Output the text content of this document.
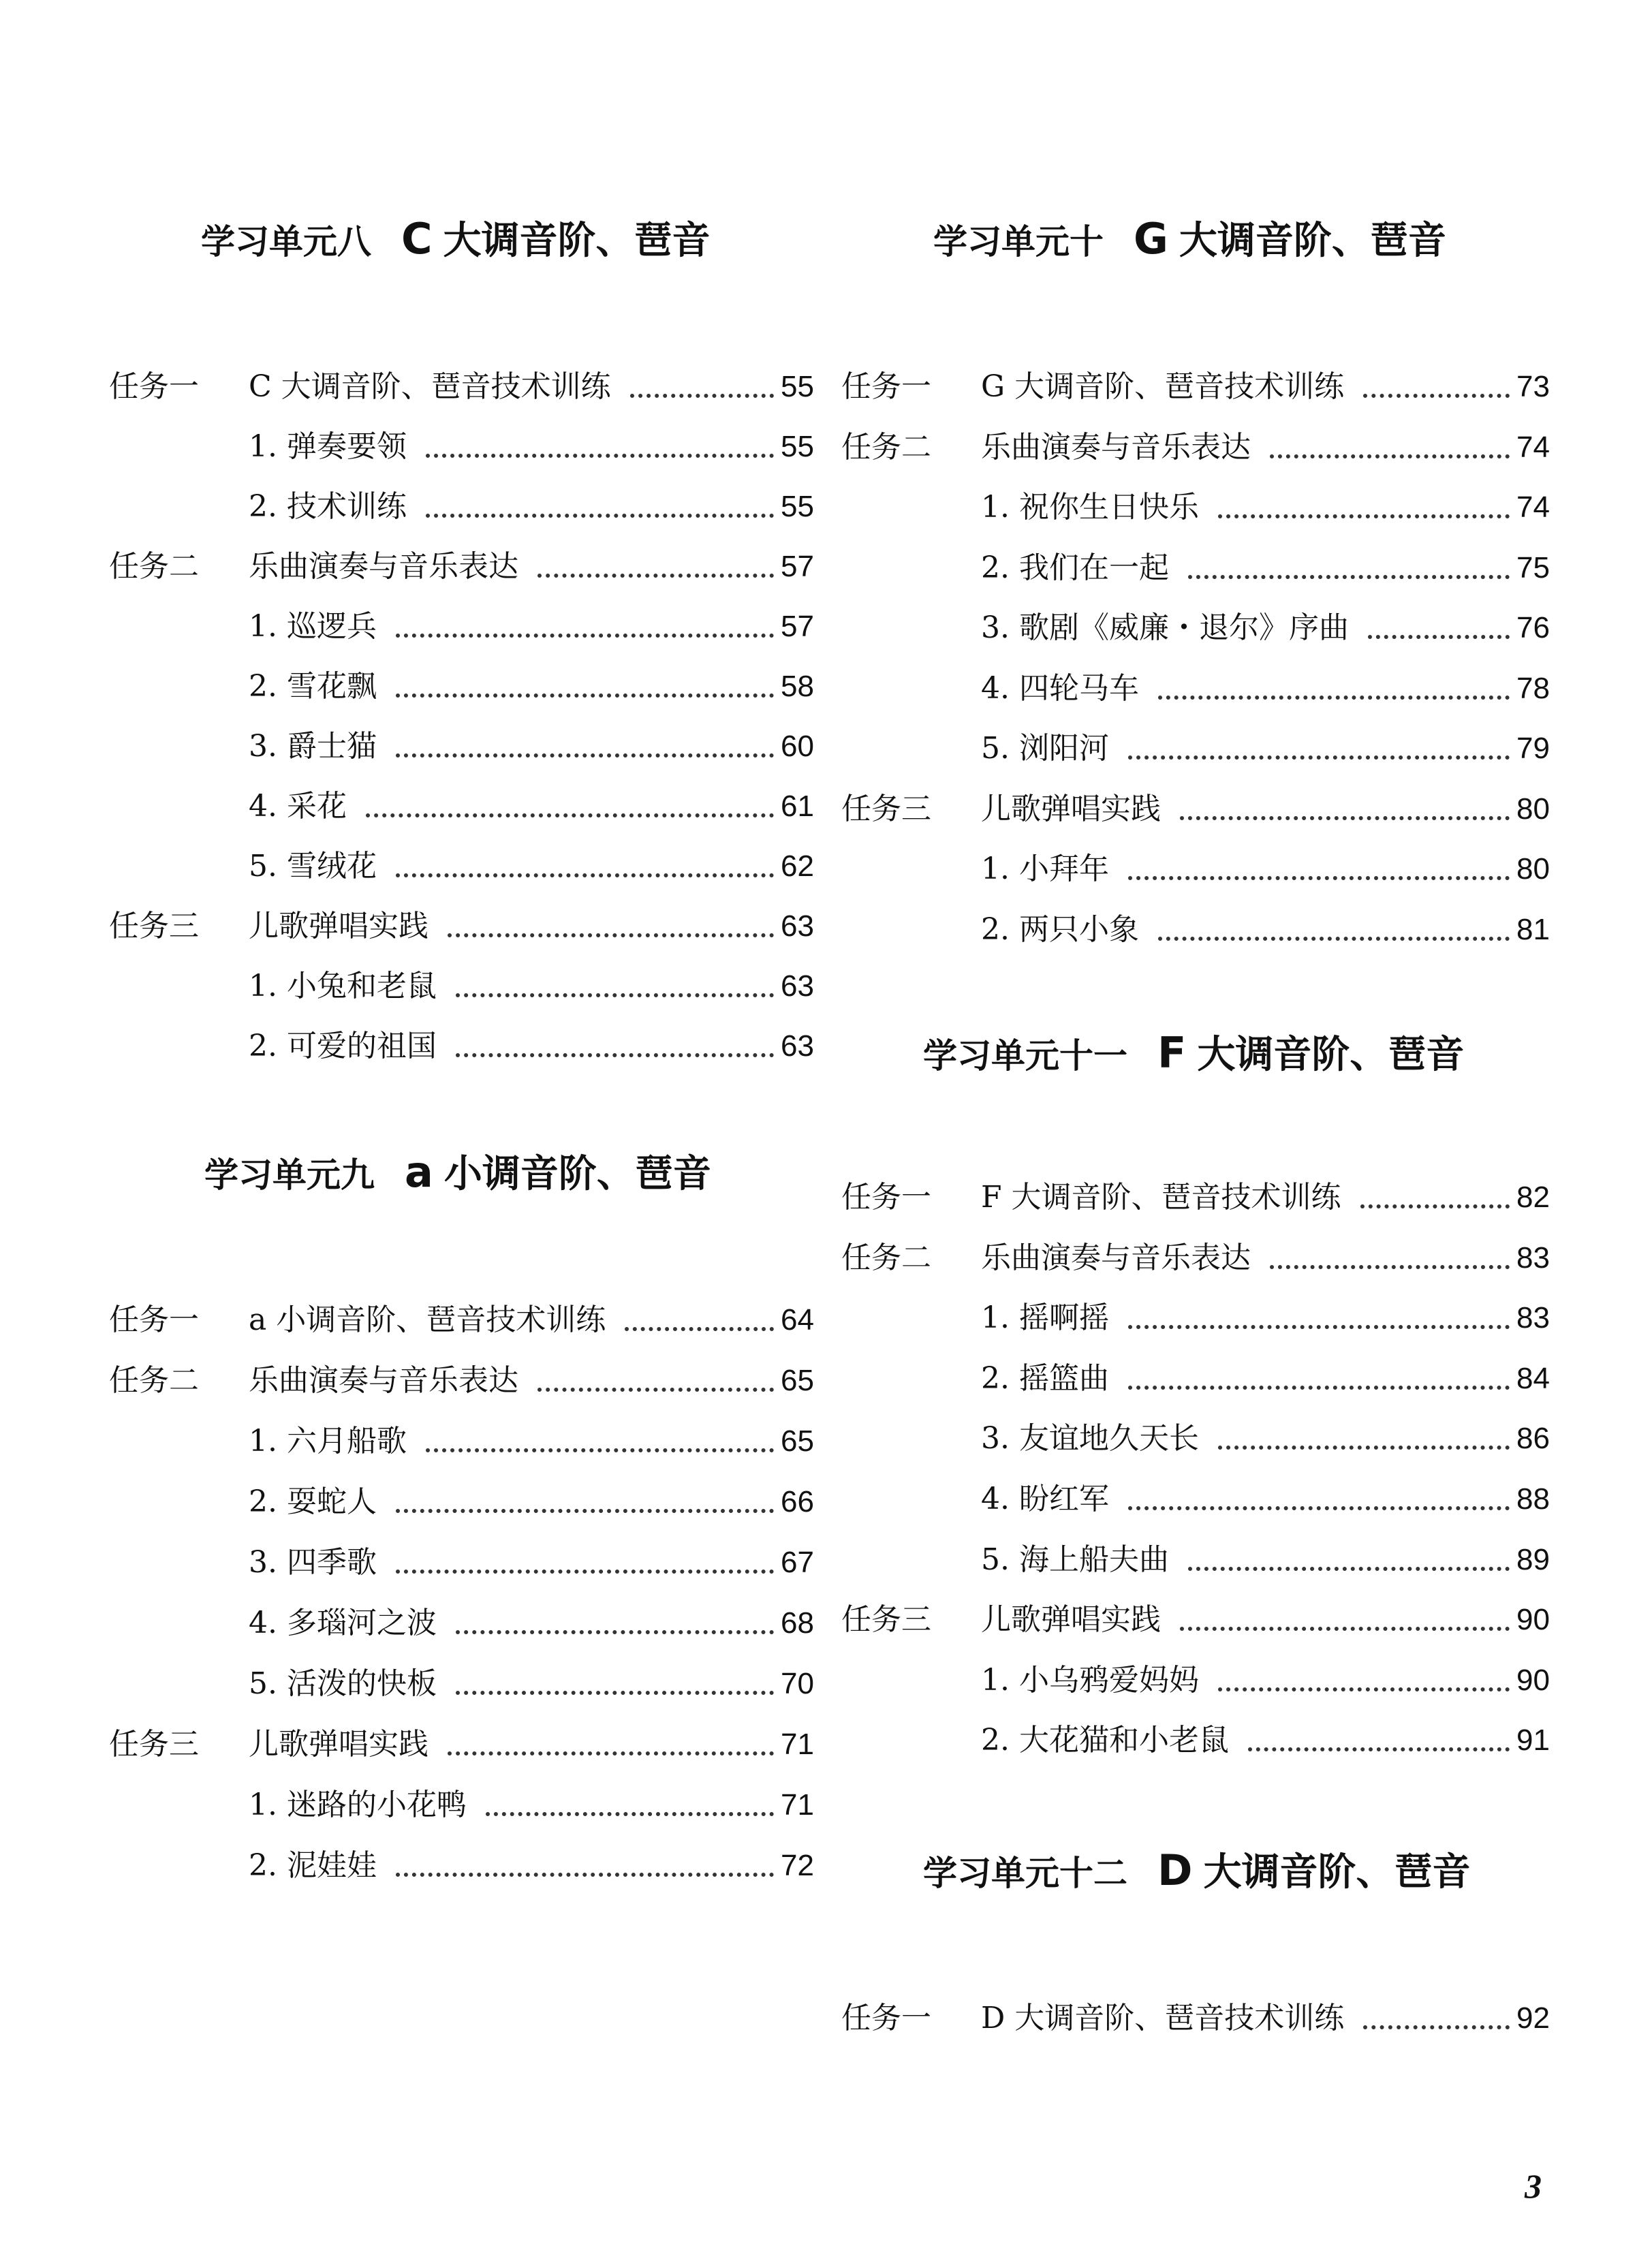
学习单元八 C 大调音阶、琶音
任务一	C 大调音阶、琶音技术训练	55
1. 弹奏要领	55
2. 技术训练	55
任务二	乐曲演奏与音乐表达	57
1. 巡逻兵	57
2. 雪花飘	58
3. 爵士猫	60
4. 采花	61
5. 雪绒花	62
任务三	儿歌弹唱实践	63
1. 小兔和老鼠	63
2. 可爱的祖国	63
学习单元九 a 小调音阶、琶音
任务一	a 小调音阶、琶音技术训练	64
任务二	乐曲演奏与音乐表达	65
1. 六月船歌	65
2. 耍蛇人	66
3. 四季歌	67
4. 多瑙河之波	68
5. 活泼的快板	70
任务三	儿歌弹唱实践	71
1. 迷路的小花鸭	71
2. 泥娃娃	72
学习单元十 G 大调音阶、琶音
任务一	G 大调音阶、琶音技术训练	73
任务二	乐曲演奏与音乐表达	74
1. 祝你生日快乐	74
2. 我们在一起	75
3. 歌剧《威廉・退尔》序曲	76
4. 四轮马车	78
5. 浏阳河	79
任务三	儿歌弹唱实践	80
1. 小拜年	80
2. 两只小象	81
学习单元十一 F 大调音阶、琶音
任务一	F 大调音阶、琶音技术训练	82
任务二	乐曲演奏与音乐表达	83
1. 摇啊摇	83
2. 摇篮曲	84
3. 友谊地久天长	86
4. 盼红军	88
5. 海上船夫曲	89
任务三	儿歌弹唱实践	90
1. 小乌鸦爱妈妈	90
2. 大花猫和小老鼠	91
学习单元十二 D 大调音阶、琶音
任务一	D 大调音阶、琶音技术训练	92
3
